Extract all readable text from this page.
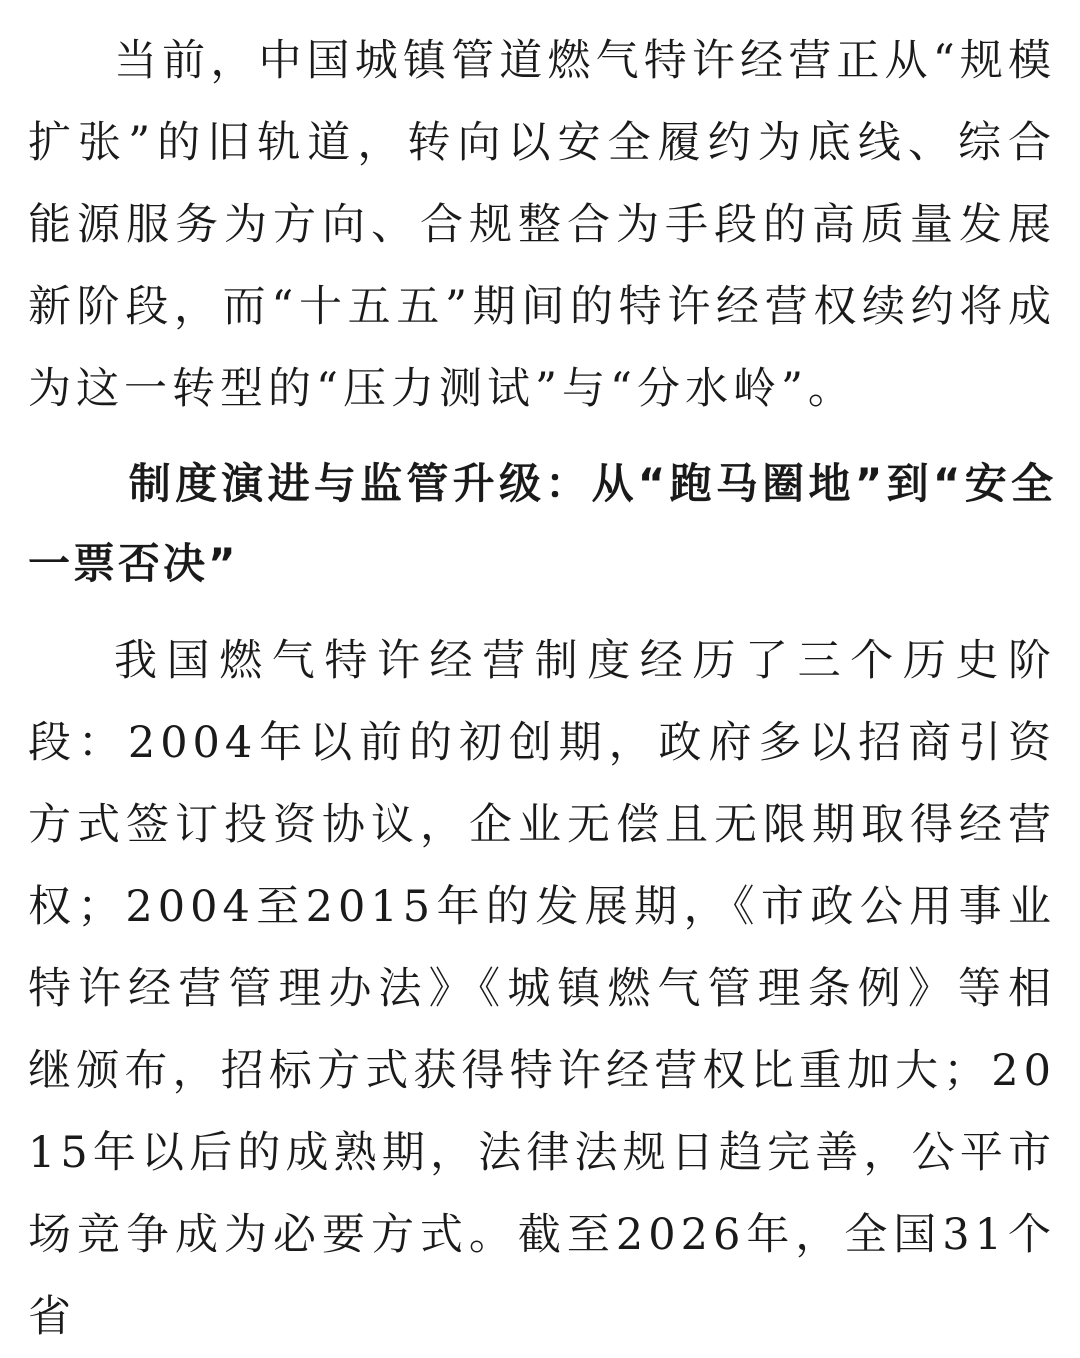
当前，中国城镇管道燃气特许经营正从“规模扩张”的旧轨道，转向以安全履约为底线、综合能源服务为方向、合规整合为手段的高质量发展新阶段，而“十五五”期间的特许经营权续约将成为这一转型的“压力测试”与“分水岭”。

制度演进与监管升级：从“跑马圈地”到“安全一票否决”

我国燃气特许经营制度经历了三个历史阶段：2004年以前的初创期，政府多以招商引资方式签订投资协议，企业无偿且无限期取得经营权；2004至2015年的发展期，《市政公用事业特许经营管理办法》《城镇燃气管理条例》等相继颁布，招标方式获得特许经营权比重加大；2015年以后的成熟期，法律法规日趋完善，公平市场竞争成为必要方式。截至2026年，全国31个省
